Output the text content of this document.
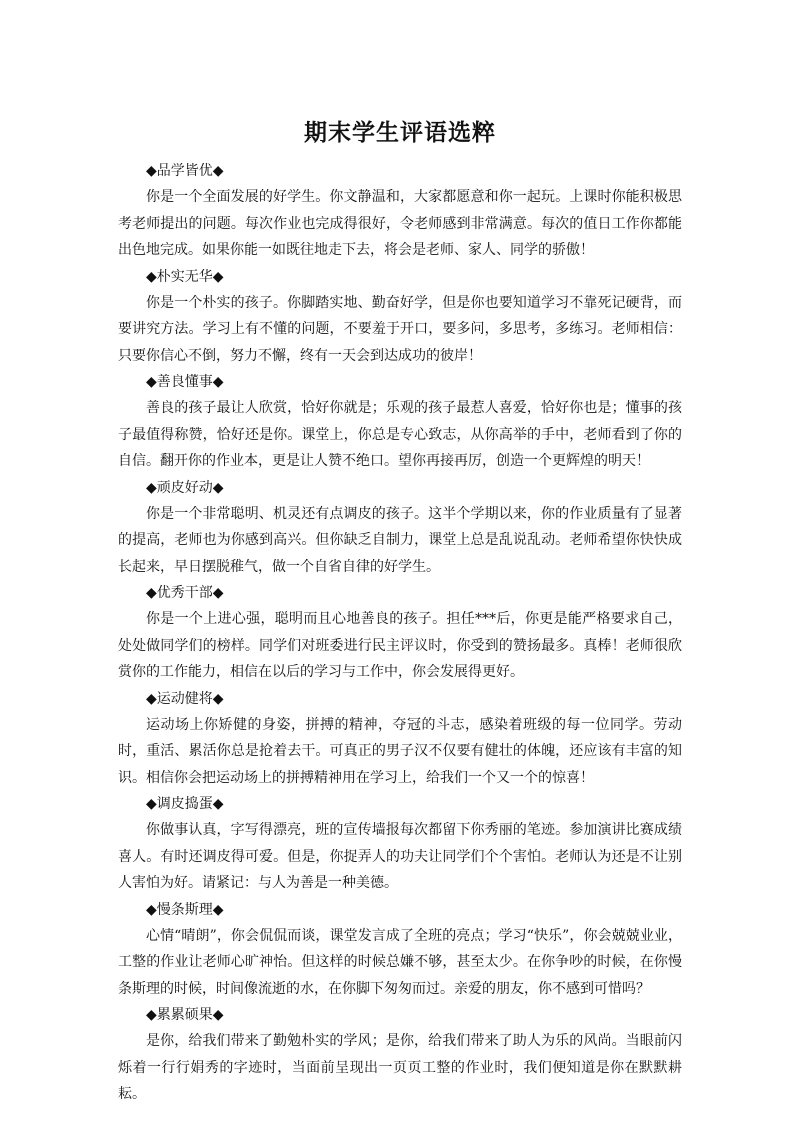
期末学生评语选粹

◆品学皆优◆

你是一个全面发展的好学生。你文静温和，大家都愿意和你一起玩。上课时你能积极思考老师提出的问题。每次作业也完成得很好，令老师感到非常满意。每次的值日工作你都能出色地完成。如果你能一如既往地走下去，将会是老师、家人、同学的骄傲！

◆朴实无华◆

你是一个朴实的孩子。你脚踏实地、勤奋好学，但是你也要知道学习不靠死记硬背，而要讲究方法。学习上有不懂的问题，不要羞于开口，要多问，多思考，多练习。老师相信：只要你信心不倒，努力不懈，终有一天会到达成功的彼岸！

◆善良懂事◆

善良的孩子最让人欣赏，恰好你就是；乐观的孩子最惹人喜爱，恰好你也是；懂事的孩子最值得称赞，恰好还是你。课堂上，你总是专心致志，从你高举的手中，老师看到了你的自信。翻开你的作业本，更是让人赞不绝口。望你再接再厉，创造一个更辉煌的明天！

◆顽皮好动◆

你是一个非常聪明、机灵还有点调皮的孩子。这半个学期以来，你的作业质量有了显著的提高，老师也为你感到高兴。但你缺乏自制力，课堂上总是乱说乱动。老师希望你快快成长起来，早日摆脱稚气，做一个自省自律的好学生。

◆优秀干部◆

你是一个上进心强，聪明而且心地善良的孩子。担任***后，你更是能严格要求自己，处处做同学们的榜样。同学们对班委进行民主评议时，你受到的赞扬最多。真棒！老师很欣赏你的工作能力，相信在以后的学习与工作中，你会发展得更好。

◆运动健将◆

运动场上你矫健的身姿，拼搏的精神，夺冠的斗志，感染着班级的每一位同学。劳动时，重活、累活你总是抢着去干。可真正的男子汉不仅要有健壮的体魄，还应该有丰富的知识。相信你会把运动场上的拼搏精神用在学习上，给我们一个又一个的惊喜！

◆调皮捣蛋◆

你做事认真，字写得漂亮，班的宣传墙报每次都留下你秀丽的笔迹。参加演讲比赛成绩喜人。有时还调皮得可爱。但是，你捉弄人的功夫让同学们个个害怕。老师认为还是不让别人害怕为好。请紧记：与人为善是一种美德。

◆慢条斯理◆

心情“晴朗”，你会侃侃而谈，课堂发言成了全班的亮点；学习“快乐”，你会兢兢业业，工整的作业让老师心旷神怡。但这样的时候总嫌不够，甚至太少。在你争吵的时候，在你慢条斯理的时候，时间像流逝的水，在你脚下匆匆而过。亲爱的朋友，你不感到可惜吗？

◆累累硕果◆

是你，给我们带来了勤勉朴实的学风；是你，给我们带来了助人为乐的风尚。当眼前闪烁着一行行娟秀的字迹时，当面前呈现出一页页工整的作业时，我们便知道是你在默默耕耘。
